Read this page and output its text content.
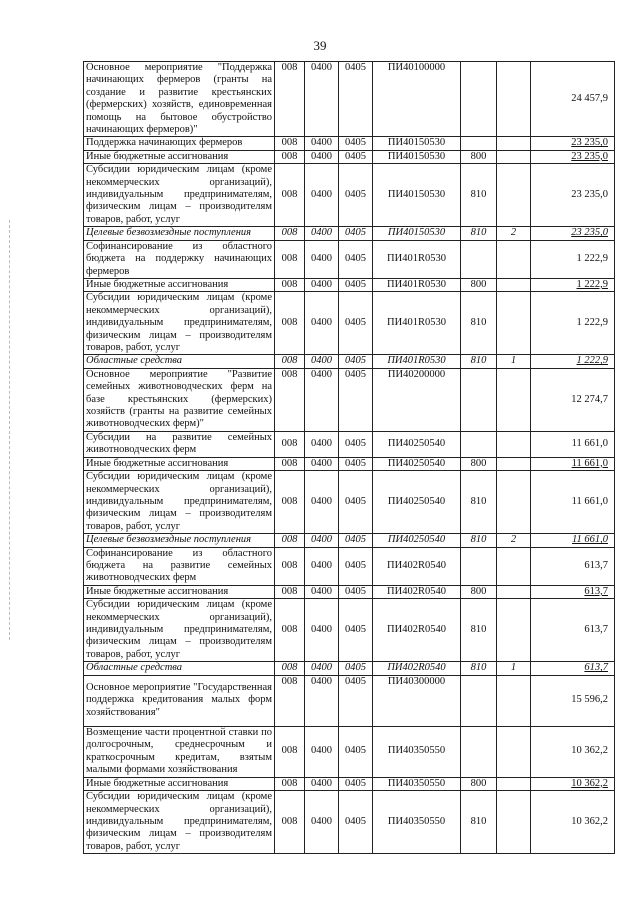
39
Основное мероприятие "Поддержка начинающих фермеров (гранты на создание и развитие крестьянских (фермерских) хозяйств, единовременная помощь на бытовое обустройство начинающих фермеров)"	008	0400	0405	ПИ40100000			24 457,9
Поддержка начинающих фермеров	008	0400	0405	ПИ40150530			23 235,0
Иные бюджетные ассигнования	008	0400	0405	ПИ40150530	800		23 235,0
Субсидии юридическим лицам (кроме некоммерческих организаций), индивидуальным предпринимателям, физическим лицам – производителям товаров, работ, услуг	008	0400	0405	ПИ40150530	810		23 235,0
Целевые безвозмездные поступления	008	0400	0405	ПИ40150530	810	2	23 235,0
Софинансирование из областного бюджета на поддержку начинающих фермеров	008	0400	0405	ПИ401R0530			1 222,9
Иные бюджетные ассигнования	008	0400	0405	ПИ401R0530	800		1 222,9
Субсидии юридическим лицам (кроме некоммерческих организаций), индивидуальным предпринимателям, физическим лицам – производителям товаров, работ, услуг	008	0400	0405	ПИ401R0530	810		1 222,9
Областные средства	008	0400	0405	ПИ401R0530	810	1	1 222,9
Основное мероприятие "Развитие семейных животноводческих ферм на базе крестьянских (фермерских) хозяйств (гранты на развитие семейных животноводческих ферм)"	008	0400	0405	ПИ40200000			12 274,7
Субсидии на развитие семейных животноводческих ферм	008	0400	0405	ПИ40250540			11 661,0
Иные бюджетные ассигнования	008	0400	0405	ПИ40250540	800		11 661,0
Субсидии юридическим лицам (кроме некоммерческих организаций), индивидуальным предпринимателям, физическим лицам – производителям товаров, работ, услуг	008	0400	0405	ПИ40250540	810		11 661,0
Целевые безвозмездные поступления	008	0400	0405	ПИ40250540	810	2	11 661,0
Софинансирование из областного бюджета на развитие семейных животноводческих ферм	008	0400	0405	ПИ402R0540			613,7
Иные бюджетные ассигнования	008	0400	0405	ПИ402R0540	800		613,7
Субсидии юридическим лицам (кроме некоммерческих организаций), индивидуальным предпринимателям, физическим лицам – производителям товаров, работ, услуг	008	0400	0405	ПИ402R0540	810		613,7
Областные средства	008	0400	0405	ПИ402R0540	810	1	613,7
Основное мероприятие "Государственная поддержка кредитования малых форм хозяйствования"	008	0400	0405	ПИ40300000			15 596,2
Возмещение части процентной ставки по долгосрочным, среднесрочным и краткосрочным кредитам, взятым малыми формами хозяйствования	008	0400	0405	ПИ40350550			10 362,2
Иные бюджетные ассигнования	008	0400	0405	ПИ40350550	800		10 362,2
Субсидии юридическим лицам (кроме некоммерческих организаций), индивидуальным предпринимателям, физическим лицам – производителям товаров, работ, услуг	008	0400	0405	ПИ40350550	810		10 362,2
